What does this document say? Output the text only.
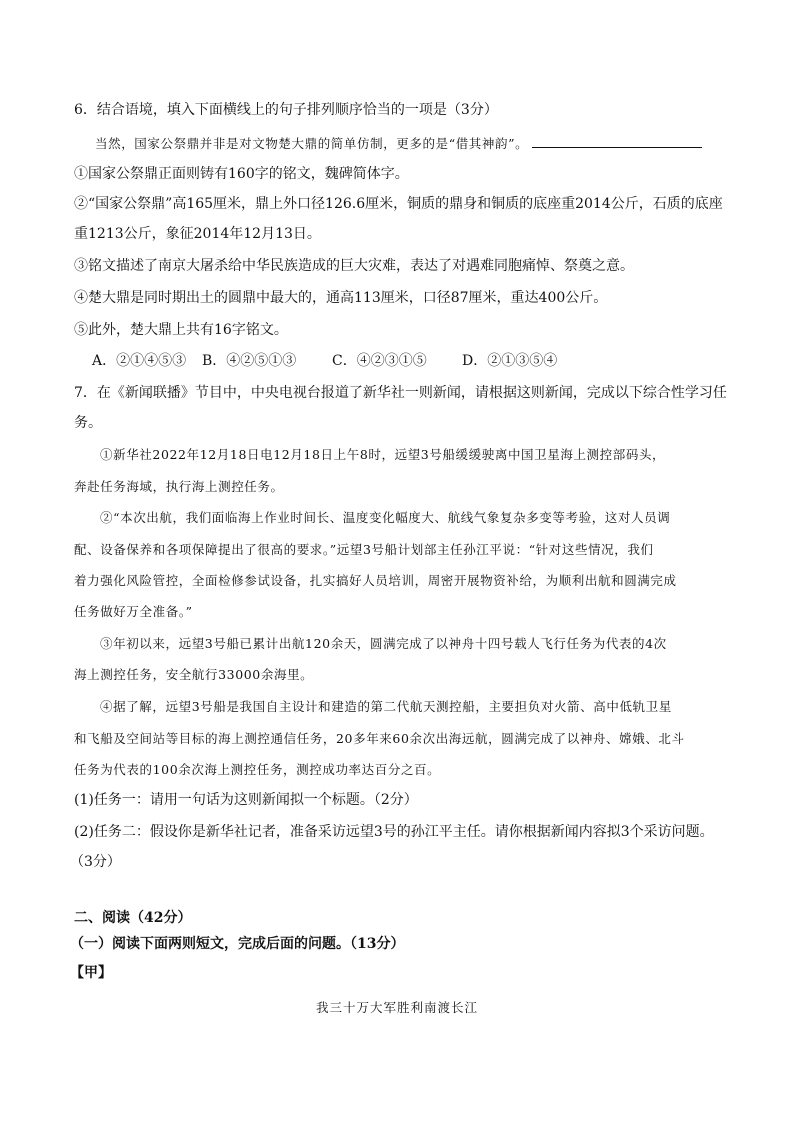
6．结合语境，填入下面横线上的句子排列顺序恰当的一项是（3分）
当然，国家公祭鼎并非是对文物楚大鼎的简单仿制，更多的是“借其神韵”。
①国家公祭鼎正面则铸有160字的铭文，魏碑简体字。
②“国家公祭鼎”高165厘米，鼎上外口径126.6厘米，铜质的鼎身和铜质的底座重2014公斤，石质的底座
重1213公斤，象征2014年12月13日。
③铭文描述了南京大屠杀给中华民族造成的巨大灾难，表达了对遇难同胞痛悼、祭奠之意。
④楚大鼎是同时期出土的圆鼎中最大的，通高113厘米，口径87厘米，重达400公斤。
⑤此外，楚大鼎上共有16字铭文。
A．②①④⑤③ B．④②⑤①③	C．④②③①⑤	D．②①③⑤④
7．在《新闻联播》节目中，中央电视台报道了新华社一则新闻，请根据这则新闻，完成以下综合性学习任
务。
①新华社2022年12月18日电12月18日上午8时，远望3号船缓缓驶离中国卫星海上测控部码头，
奔赴任务海域，执行海上测控任务。
②“本次出航，我们面临海上作业时间长、温度变化幅度大、航线气象复杂多变等考验，这对人员调
配、设备保养和各项保障提出了很高的要求。”远望3号船计划部主任孙江平说：“针对这些情况，我们
着力强化风险管控，全面检修参试设备，扎实搞好人员培训，周密开展物资补给，为顺利出航和圆满完成
任务做好万全准备。”
③年初以来，远望3号船已累计出航120余天，圆满完成了以神舟十四号载人飞行任务为代表的4次
海上测控任务，安全航行33000余海里。
④据了解，远望3号船是我国自主设计和建造的第二代航天测控船，主要担负对火箭、高中低轨卫星
和飞船及空间站等目标的海上测控通信任务，20多年来60余次出海远航，圆满完成了以神舟、嫦娥、北斗
任务为代表的100余次海上测控任务，测控成功率达百分之百。
(1)任务一：请用一句话为这则新闻拟一个标题。（2分）
(2)任务二：假设你是新华社记者，准备采访远望3号的孙江平主任。请你根据新闻内容拟3个采访问题。
（3分）
二、阅读（42分）
（一）阅读下面两则短文，完成后面的问题。（13分）
【甲】
我三十万大军胜利南渡长江
